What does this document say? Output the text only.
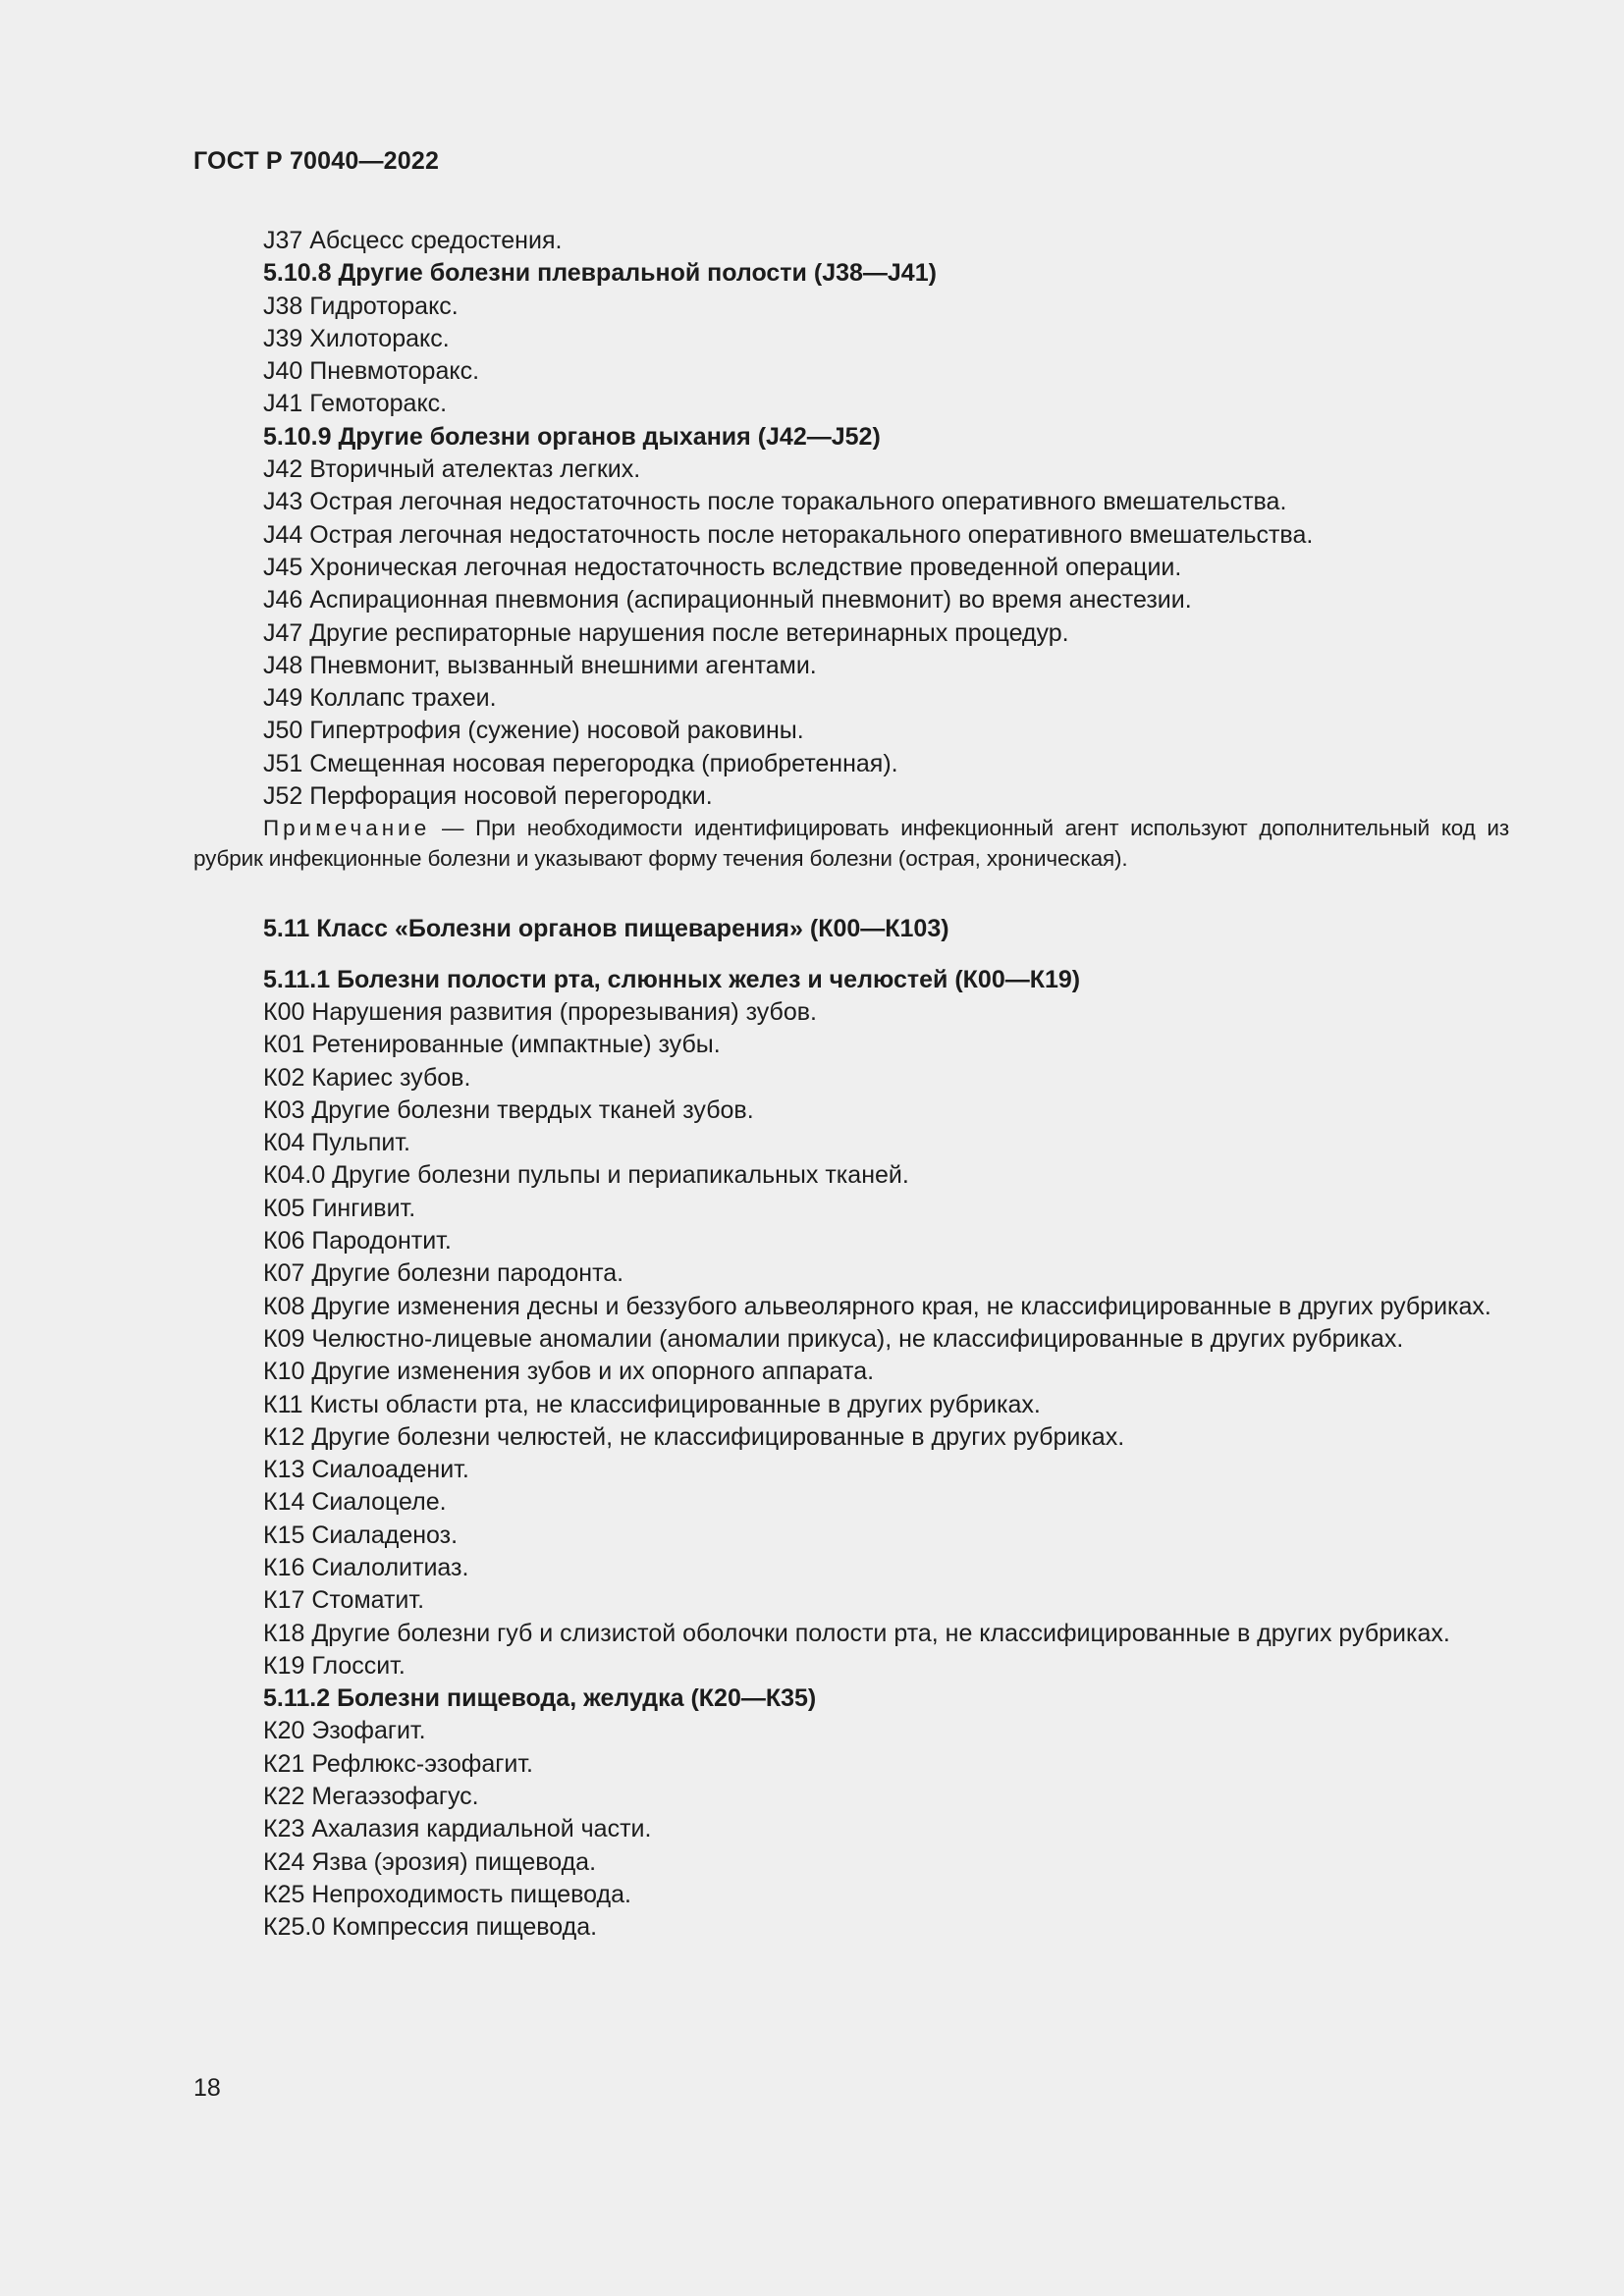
ГОСТ Р 70040—2022

J37 Абсцесс средостения.

5.10.8 Другие болезни плевральной полости (J38—J41)

J38 Гидроторакс.

J39 Хилоторакс.

J40 Пневмоторакс.

J41 Гемоторакс.

5.10.9 Другие болезни органов дыхания (J42—J52)

J42 Вторичный ателектаз легких.

J43 Острая легочная недостаточность после торакального оперативного вмешательства.

J44 Острая легочная недостаточность после неторакального оперативного вмешательства.

J45 Хроническая легочная недостаточность вследствие проведенной операции.

J46 Аспирационная пневмония (аспирационный пневмонит) во время анестезии.

J47 Другие респираторные нарушения после ветеринарных процедур.

J48 Пневмонит, вызванный внешними агентами.

J49 Коллапс трахеи.

J50 Гипертрофия (сужение) носовой раковины.

J51 Смещенная носовая перегородка (приобретенная).

J52 Перфорация носовой перегородки.

Примечание — При необходимости идентифицировать инфекционный агент используют дополнительный код из рубрик инфекционные болезни и указывают форму течения болезни (острая, хроническая).

5.11 Класс «Болезни органов пищеварения» (К00—К103)

5.11.1 Болезни полости рта, слюнных желез и челюстей (К00—К19)

К00 Нарушения развития (прорезывания) зубов.

К01 Ретенированные (импактные) зубы.

К02 Кариес зубов.

К03 Другие болезни твердых тканей зубов.

К04 Пульпит.

К04.0 Другие болезни пульпы и периапикальных тканей.

К05 Гингивит.

К06 Пародонтит.

К07 Другие болезни пародонта.

К08 Другие изменения десны и беззубого альвеолярного края, не классифицированные в других рубриках.

К09 Челюстно-лицевые аномалии (аномалии прикуса), не классифицированные в других рубриках.

К10 Другие изменения зубов и их опорного аппарата.

К11 Кисты области рта, не классифицированные в других рубриках.

К12 Другие болезни челюстей, не классифицированные в других рубриках.

К13 Сиалоаденит.

К14 Сиалоцеле.

К15 Сиаладеноз.

К16 Сиалолитиаз.

К17 Стоматит.

К18 Другие болезни губ и слизистой оболочки полости рта, не классифицированные в других рубриках.

К19 Глоссит.

5.11.2 Болезни пищевода, желудка (К20—К35)

К20 Эзофагит.

К21 Рефлюкс-эзофагит.

К22 Мегаэзофагус.

К23 Ахалазия кардиальной части.

К24 Язва (эрозия) пищевода.

К25 Непроходимость пищевода.

К25.0 Компрессия пищевода.

18
